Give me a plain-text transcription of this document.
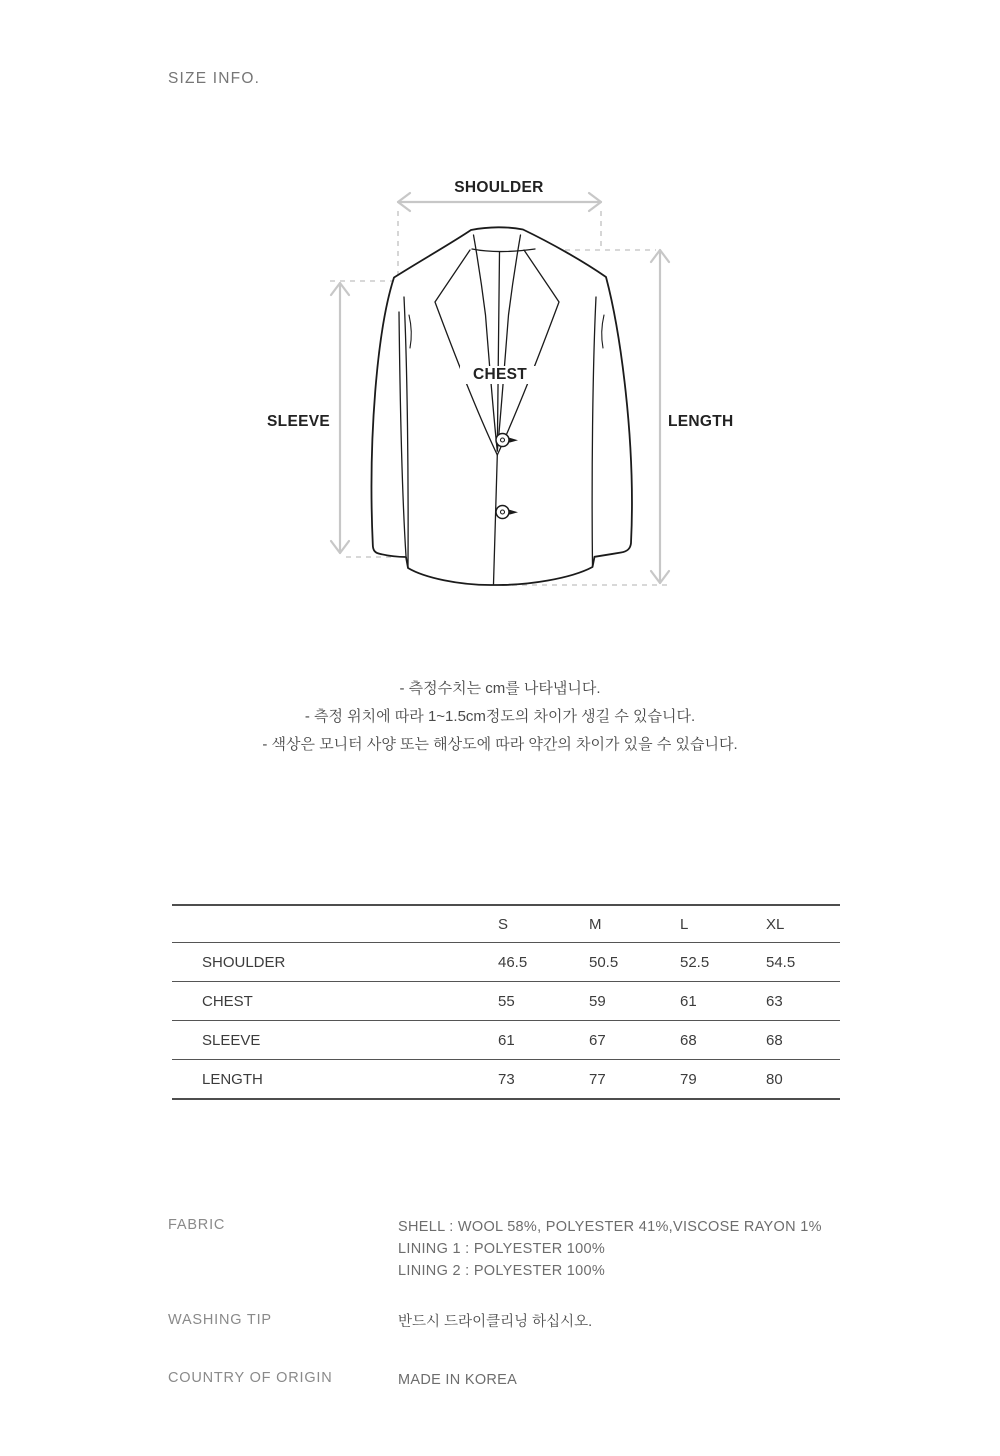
SIZE INFO.
SHOULDER
CHEST
SLEEVE	LENGTH
- 측정수치는 cm를 나타냅니다.
- 측정 위치에 따라 1~1.5cm정도의 차이가 생길 수 있습니다.
- 색상은 모니터 사양 또는 해상도에 따라 약간의 차이가 있을 수 있습니다.
	S	M	L	XL
SHOULDER	46.5	50.5	52.5	54.5
CHEST	55	59	61	63
SLEEVE	61	67	68	68
LENGTH	73	77	79	80
FABRIC	SHELL : WOOL 58%, POLYESTER 41%,VISCOSE RAYON 1%
LINING 1 : POLYESTER 100%
LINING 2 : POLYESTER 100%
WASHING TIP	반드시 드라이클리닝 하십시오.
COUNTRY OF ORIGIN	MADE IN KOREA
